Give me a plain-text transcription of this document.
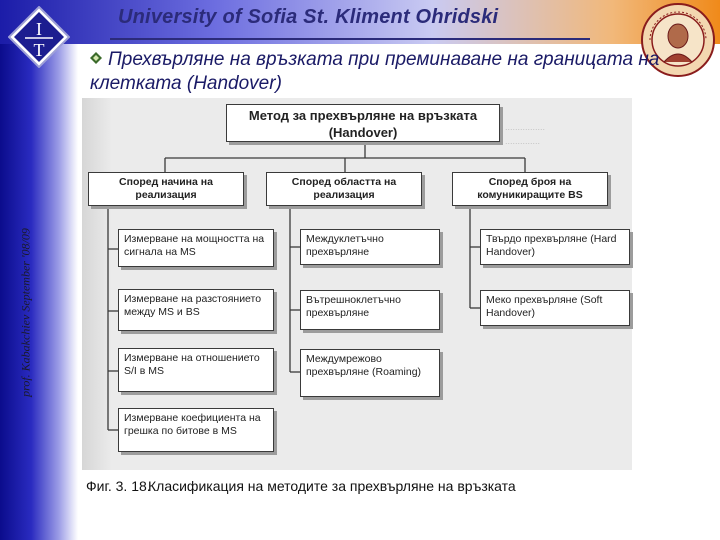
I
T
University of Sofia St. Kliment Ohridski
Прехвърляне на връзката при преминаване на границата на клетката (Handover)
prof. Kabakchiev September '08/09
................
..............
Метод за прехвърляне на връзката (Handover)
Според начина на реализация
Според областта на реализация
Според броя на комуникиращите BS
Измерване на мощността на сигнала на MS
Измерване на разстоянието между MS и BS
Измерване на отношението S/I в MS
Измерване коефициента на грешка по битове в MS
Междуклетъчно прехвърляне
Вътрешноклетъчно прехвърляне
Междумрежово прехвърляне (Roaming)
Твърдо прехвърляне (Hard Handover)
Меко прехвърляне (Soft Handover)
Фиг. 3. 18.Класификация на методите за прехвърляне на връзката
